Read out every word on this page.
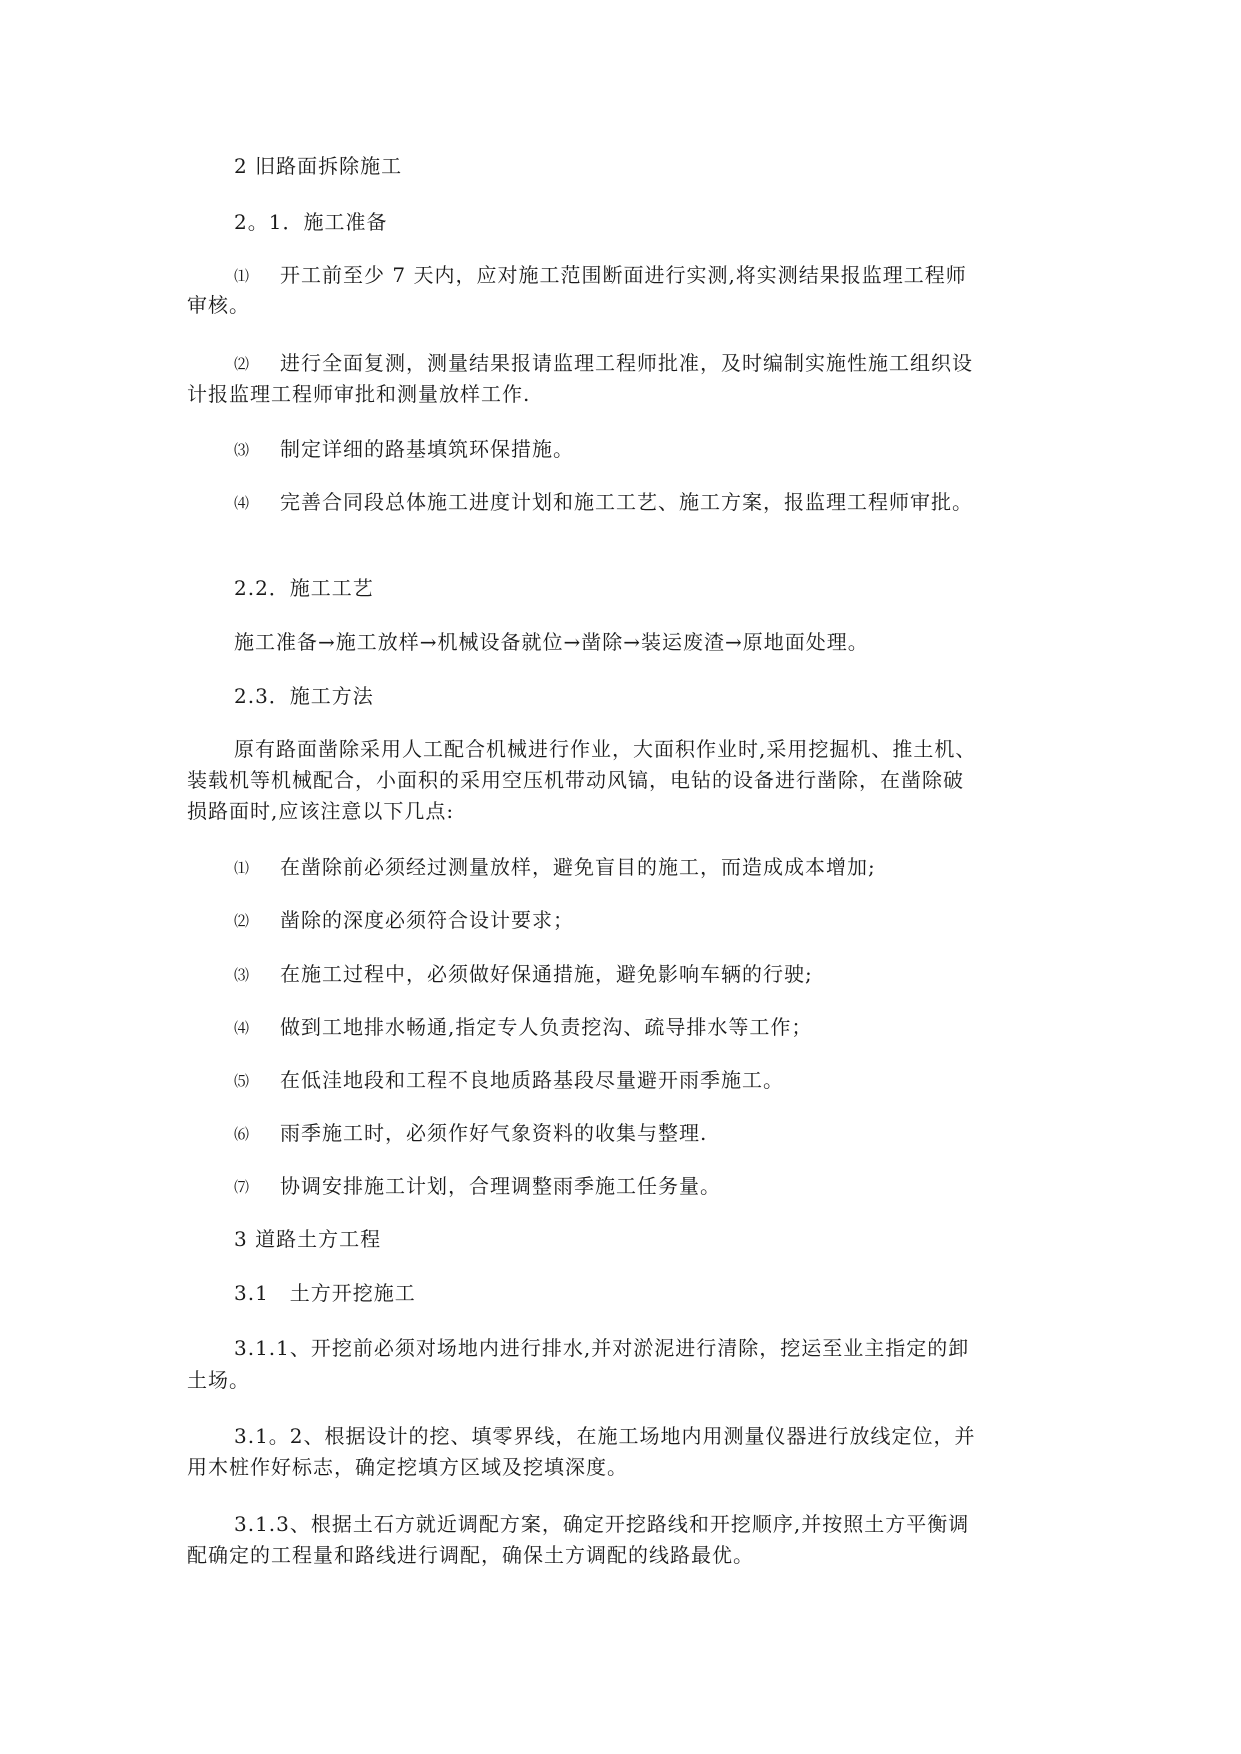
2 旧路面拆除施工
2。1．施工准备
⑴ 开工前至少 7 天内，应对施工范围断面进行实测,将实测结果报监理工程师
审核。
⑵ 进行全面复测，测量结果报请监理工程师批准，及时编制实施性施工组织设
计报监理工程师审批和测量放样工作.
⑶ 制定详细的路基填筑环保措施。
⑷ 完善合同段总体施工进度计划和施工工艺、施工方案，报监理工程师审批。
2.2．施工工艺
施工准备→施工放样→机械设备就位→凿除→装运废渣→原地面处理。
2.3．施工方法
原有路面凿除采用人工配合机械进行作业，大面积作业时,采用挖掘机、推土机、
装载机等机械配合，小面积的采用空压机带动风镐，电钻的设备进行凿除，在凿除破
损路面时,应该注意以下几点:
⑴ 在凿除前必须经过测量放样，避免盲目的施工，而造成成本增加;
⑵ 凿除的深度必须符合设计要求；
⑶ 在施工过程中，必须做好保通措施，避免影响车辆的行驶;
⑷ 做到工地排水畅通,指定专人负责挖沟、疏导排水等工作；
⑸ 在低洼地段和工程不良地质路基段尽量避开雨季施工。
⑹ 雨季施工时，必须作好气象资料的收集与整理.
⑺ 协调安排施工计划，合理调整雨季施工任务量。
3 道路土方工程
3.1　土方开挖施工
3.1.1、开挖前必须对场地内进行排水,并对淤泥进行清除，挖运至业主指定的卸
土场。
3.1。2、根据设计的挖、填零界线，在施工场地内用测量仪器进行放线定位，并
用木桩作好标志，确定挖填方区域及挖填深度。
3.1.3、根据土石方就近调配方案，确定开挖路线和开挖顺序,并按照土方平衡调
配确定的工程量和路线进行调配，确保土方调配的线路最优。
